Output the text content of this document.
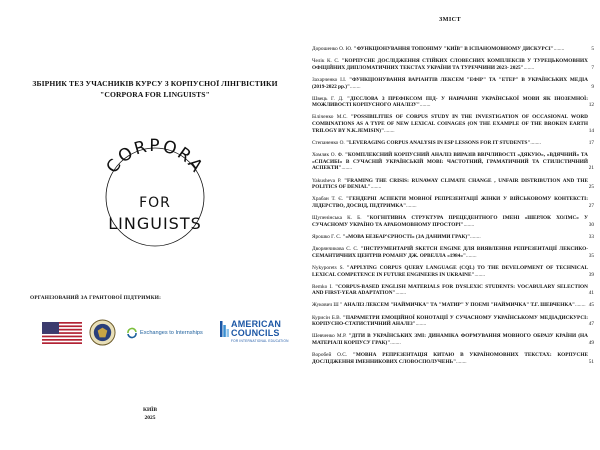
ЗБІРНИК ТЕЗ УЧАСНИКІВ КУРСУ З КОРПУСНОЇ ЛІНГВІСТИКИ
"CORPORA FOR LINGUISTS"
CORPORA
FOR
LINGUISTS
ОРГАНІЗОВАНИЙ ЗА ГРАНТОВОЇ ПІДТРИМКИ:
Exchanges to Internships
AMERICAN
COUNCILS
FOR INTERNATIONAL EDUCATION
КИЇВ
2025
ЗМІСТ
Дорошенко О. Ю. "ФУНКЦІОНУВАННЯ ТОПОНІМУ "КИЇВ" В ІСПАНОМОВНОМУ ДИСКУРСІ"........	5
Челік К. С. "КОРПУСНЕ ДОСЛІДЖЕННЯ СТІЙКИХ СЛОВЕСНИХ КОМПЛЕКСІВ У ТУРЕЦЬКОМОВНИХ ОФІЦІЙНИХ ДИПЛОМАТИЧНИХ ТЕКСТАХ УКРАЇНИ ТА ТУРЕЧЧИНИ 2023- 2025"........	7
Захарченко І.І. "ФУНКЦІОНУВАННЯ ВАРІАНТІВ ЛЕКСЕМ "ЕФІР" ТА "ЕТЕР" В УКРАЇНСЬКИХ МЕДІА (2019-2022 рр.)"........	9
Швець Г. Д. "ДІЄСЛОВА З ПРЕФІКСОМ ПІД- У НАВЧАННІ УКРАЇНСЬКОЇ МОВИ ЯК ІНОЗЕМНОЇ: МОЖЛИВОСТІ КОРПУСНОГО АНАЛІЗУ"........	12
Біліченко М.С. "POSSIBILITIES OF CORPUS STUDY IN THE INVESTIGATION OF OCCASIONAL WORD COMBINATIONS AS A TYPE OF NEW LEXICAL COINAGES (ON THE EXAMPLE OF THE BROKEN EARTH TRILOGY BY N.K.JEMISIN)"........	14
Степаненко О. "LEVERAGING CORPUS ANALYSIS IN ESP LESSONS FOR IT STUDENTS"........	17
Хомляк О. Ф. "КОМПЛЕКСНИЙ КОРПУСНИЙ АНАЛІЗ ВИРАЗІВ ВВІЧЛИВОСТІ «ДЯКУЮ», «ВДЯЧНИЙ» ТА «СПАСИБІ» В СУЧАСНІЙ УКРАЇНСЬКІЙ МОВІ: ЧАСТОТНИЙ, ГРАМАТИЧНИЙ ТА СТИЛІСТИЧНИЙ АСПЕКТИ"........	21
Yakusheva P. "FRAMING THE CRISIS: RUNAWAY CLIMATE CHANGE , UNFAIR DISTRIBUTION AND THE POLITICS OF DENIAL"........	25
Храбан Т. Є. "ГЕНДЕРНІ АСПЕКТИ МОВНОЇ РЕПРЕЗЕНТАЦІЇ ЖІНКИ У ВІЙСЬКОВОМУ КОНТЕКСТІ: ЛІДЕРСТВО, ДОСВІД, ПІДТРИМКА"........	27
Щупенінська К. Б. "КОГНІТИВНА СТРУКТУРА ПРЕЦЕДЕНТНОГО ІМЕНІ «ШЕРЛОК ХОЛМС» У СУЧАСНОМУ УКРАЇНО ТА АРАБОМОВНОМУ ПРОСТОРІ"........	30
Ярошко Г. С. "«МОВА БЕЗБАР'ЄРНОСТІ» (ЗА ДАНИМИ ГРАК)"........	33
Дворянчикова С. С. "ІНСТРУМЕНТАРІЙ SKETCH ENGINE ДЛЯ ВИЯВЛЕННЯ РЕПРЕЗЕНТАЦІЇ ЛЕКСИКО-СЕМАНТИЧНИХ ЦЕНТРІВ РОМАНУ ДЖ. ОРВЕЛЛА «1984»"........	35
Nykyporets S. "APPLYING CORPUS QUERY LANGUAGE (CQL) TO THE DEVELOPMENT OF TECHNICAL LEXICAL COMPETENCE IN FUTURE ENGINEERS IN UKRAINE"........	39
Remko I. "CORPUS-BASED ENGLISH MATERIALS FOR DYSLEXIC STUDENTS: VOCABULARY SELECTION AND FIRST-YEAR ADAPTATION"........	41
Жукович Ш " АНАЛІЗ ЛЕКСЕМ "НАЙМИЧКА" ТА "МАТИР" У ПОЕМІ "НАЙМИЧКА" Т.Г. ШЕВЧЕНКА"........ 45
Курисін Б.В. "ПАРАМЕТРИ ЕМОЦІЙНОЇ КОНОТАЦІЇ У СУЧАСНОМУ УКРАЇНСЬКОМУ МЕДІАДИСКУРСІ: КОРПУСНО-СТАТИСТИЧНИЙ АНАЛІЗ"........	47
Шевченко М.Р. "ДІТИ В УКРАЇНСЬКИХ ЗМІ: ДИНАМІКА ФОРМУВАННЯ МОВНОГО ОБРАЗУ КРАЇНИ (НА МАТЕРІАЛІ КОРПУСУ ГРАК)"........	49
Воробей О.С. "МОВНА РЕПРЕЗЕНТАЦІЯ КИТАЮ В УКРАЇНОМОВНИХ ТЕКСТАХ: КОРПУСНЕ ДОСЛІДЖЕННЯ ІМЕННИКОВИХ СЛОВОСПОЛУЧЕНЬ"........	51
